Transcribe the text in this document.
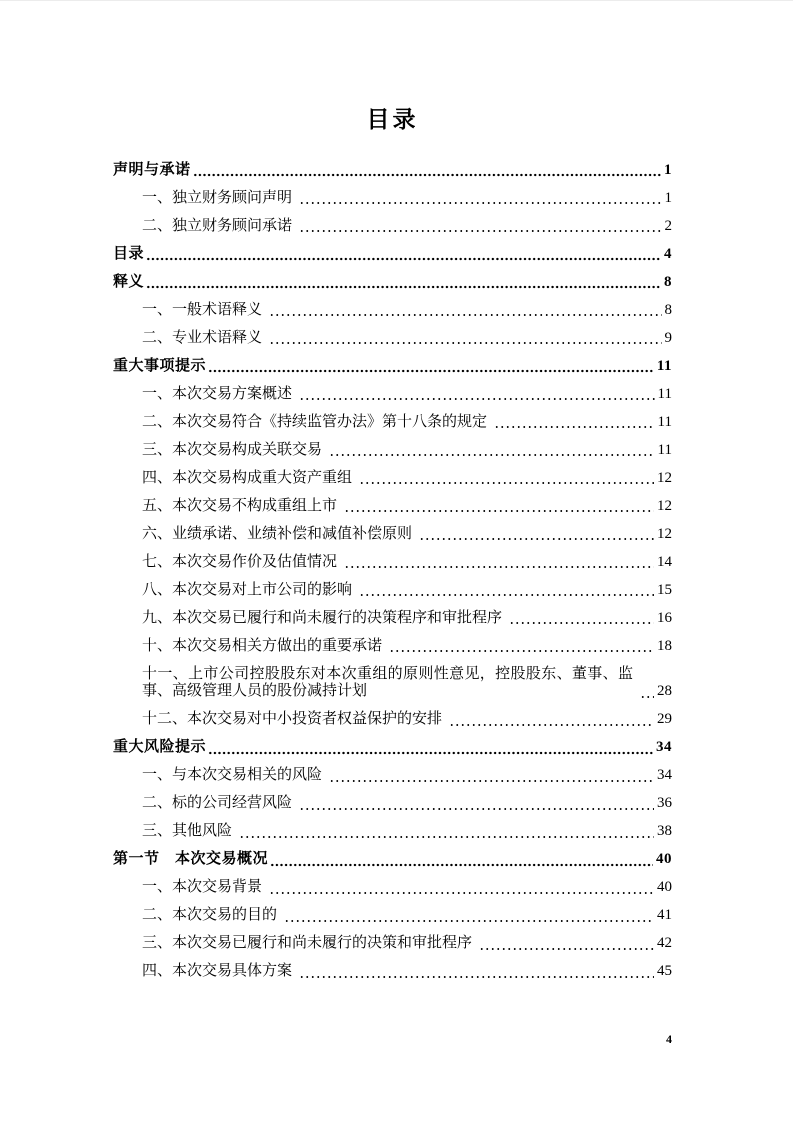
目录
声明与承诺	1
一、独立财务顾问声明	1
二、独立财务顾问承诺	2
目录	4
释义	8
一、一般术语释义	8
二、专业术语释义	9
重大事项提示	11
一、本次交易方案概述	11
二、本次交易符合《持续监管办法》第十八条的规定	11
三、本次交易构成关联交易	11
四、本次交易构成重大资产重组	12
五、本次交易不构成重组上市	12
六、业绩承诺、业绩补偿和减值补偿原则	12
七、本次交易作价及估值情况	14
八、本次交易对上市公司的影响	15
九、本次交易已履行和尚未履行的决策程序和审批程序	16
十、本次交易相关方做出的重要承诺	18
十一、上市公司控股股东对本次重组的原则性意见，控股股东、董事、监事、高级管理人员的股份减持计划	28
十二、本次交易对中小投资者权益保护的安排	29
重大风险提示	34
一、与本次交易相关的风险	34
二、标的公司经营风险	36
三、其他风险	38
第一节　本次交易概况	40
一、本次交易背景	40
二、本次交易的目的	41
三、本次交易已履行和尚未履行的决策和审批程序	42
四、本次交易具体方案	45
4
